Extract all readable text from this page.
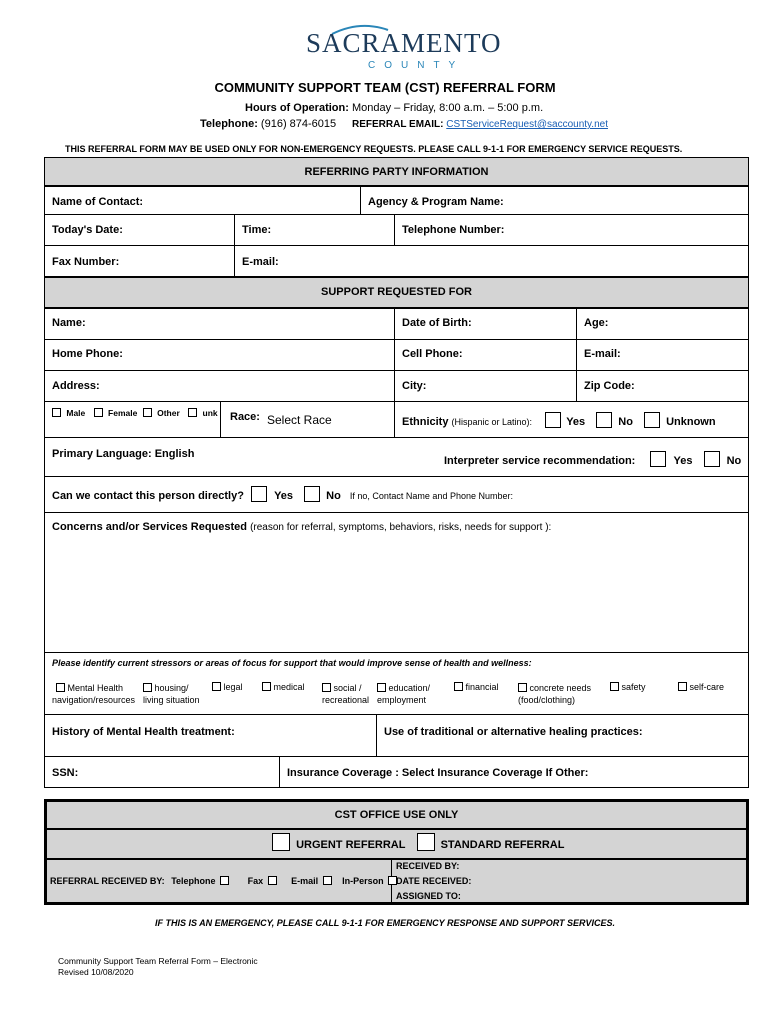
SACRAMENTO
COUNTY
COMMUNITY SUPPORT TEAM (CST) REFERRAL FORM
Hours of Operation: Monday – Friday, 8:00 a.m. – 5:00 p.m.
Telephone: (916) 874-6015 REFERRAL EMAIL: CSTServiceRequest@saccounty.net
THIS REFERRAL FORM MAY BE USED ONLY FOR NON-EMERGENCY REQUESTS. PLEASE CALL 9-1-1 FOR EMERGENCY SERVICE REQUESTS.
REFERRING PARTY INFORMATION
Name of Contact:	Agency & Program Name:
Today's Date:	Time:	Telephone Number:
Fax Number:	E-mail:
SUPPORT REQUESTED FOR
Name:	Date of Birth:	Age:
Home Phone:	Cell Phone:	E-mail:
Address:	City:	Zip Code:
Male	Female Other	unk Race: Select Race	Ethnicity (Hispanic or Latino):	Yes	No	Unknown
Primary Language: English
Interpreter service recommendation:	Yes	No
Can we contact this person directly?	Yes	No If no, Contact Name and Phone Number:
Concerns and/or Services Requested (reason for referral, symptoms, behaviors, risks, needs for support ):
Please identify current stressors or areas of focus for support that would improve sense of health and wellness:
Mental Health
navigation/resources
housing/
living situation
legal	medical	social /
recreational
education/
employment
financial	concrete needs
(food/clothing)
safety	self-care
History of Mental Health treatment:	Use of traditional or alternative healing practices:
SSN:	Insurance Coverage : Select Insurance Coverage If Other:
CST OFFICE USE ONLY
URGENT REFERRAL	STANDARD REFERRAL
REFERRAL RECEIVED BY: Telephone	Fax	E-mail	In-Person
RECEIVED BY:
DATE RECEIVED:
ASSIGNED TO:
IF THIS IS AN EMERGENCY, PLEASE CALL 9-1-1 FOR EMERGENCY RESPONSE AND SUPPORT SERVICES.
Community Support Team Referral Form – Electronic
Revised 10/08/2020
